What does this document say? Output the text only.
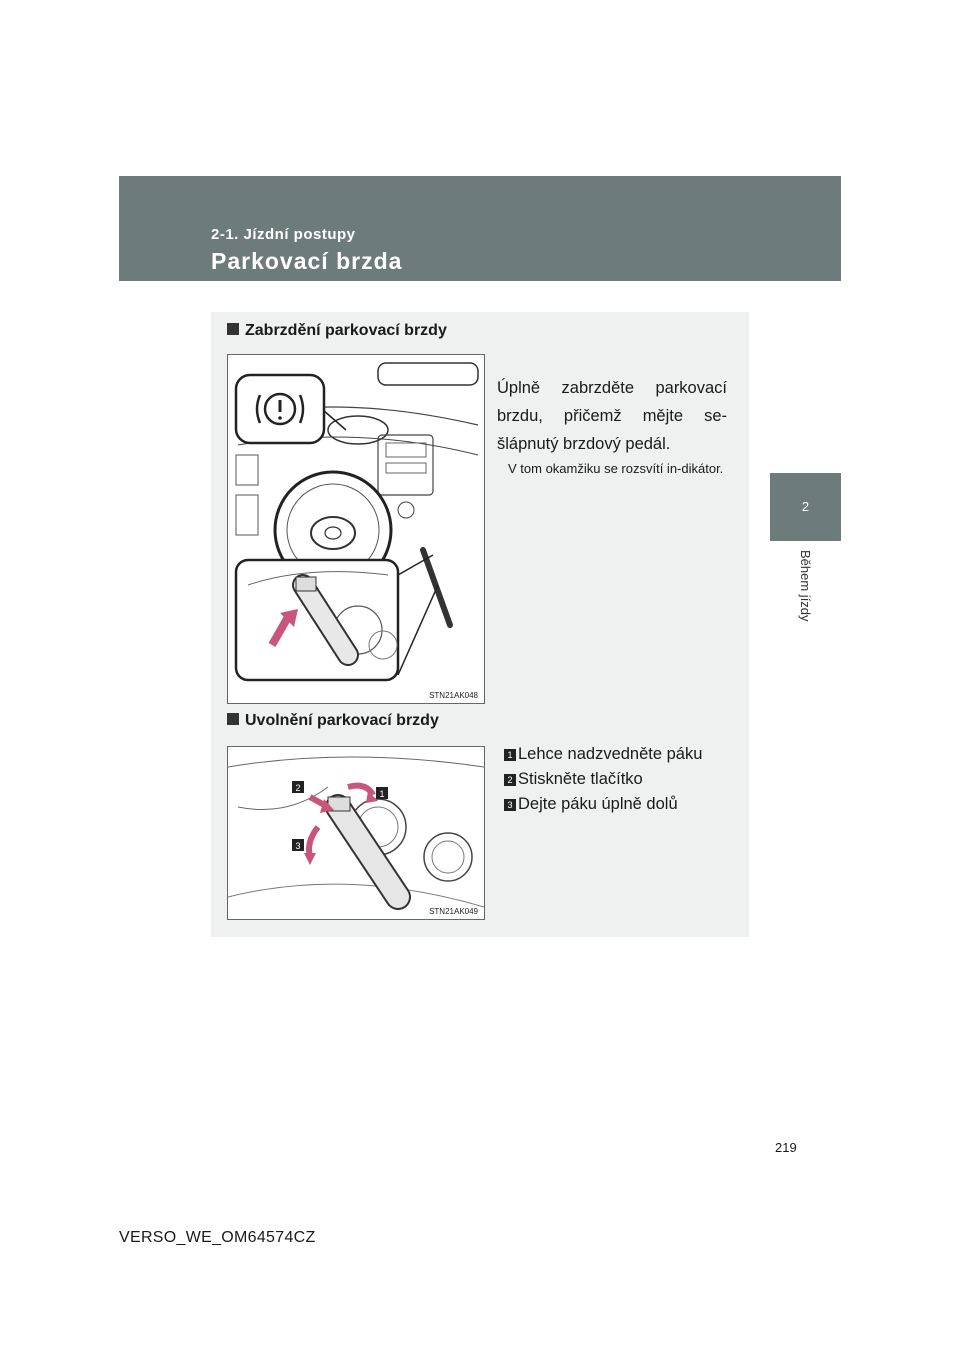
2-1. Jízdní postupy
Parkovací brzda
2
Během jízdy
Zabrzdění parkovací brzdy
STN21AK048
Úplně zabrzděte parkovací brzdu, přičemž mějte se-šlápnutý brzdový pedál.
V tom okamžiku se rozsvítí in-dikátor.
Uvolnění parkovací brzdy
2
1
3
STN21AK049
1 Lehce nadzvedněte páku
2 Stiskněte tlačítko
3 Dejte páku úplně dolů
219
VERSO_WE_OM64574CZ
